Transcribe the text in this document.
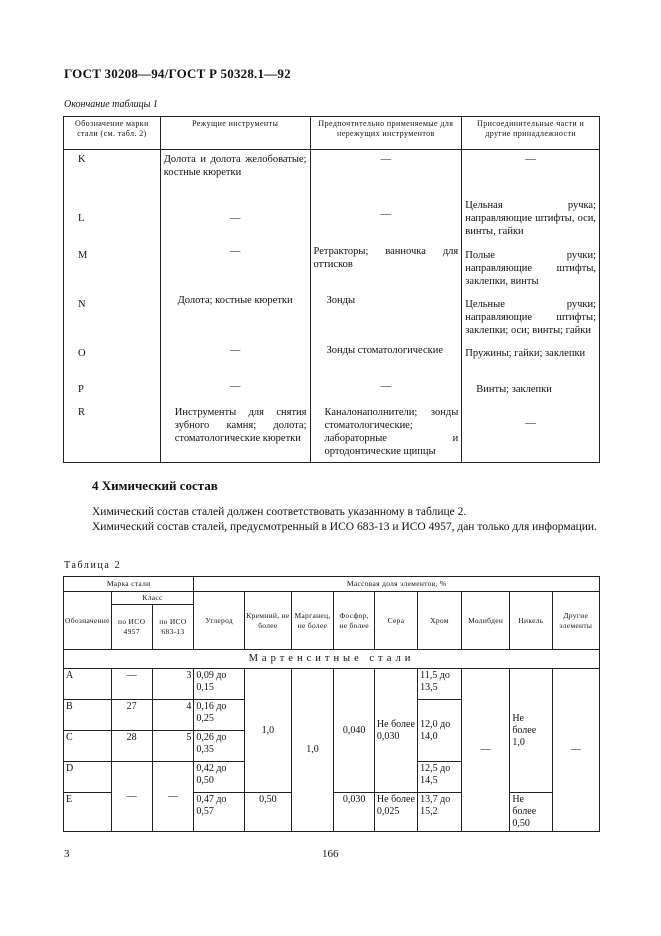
ГОСТ 30208—94/ГОСТ Р 50328.1—92
Окончание таблицы 1
Обозначение марки стали (см. табл. 2)	Режущие инструменты	Предпочтительно применяемые для нережущих инструментов	Присоединительные части и другие принадлежности
K	Долота и долота желобоватые; костные кюретки	—	—
L	—	—	Цельная ручка; направляющие штифты, оси, винты, гайки
M	—	Ретракторы; ванночка для оттисков	Полые ручки; направляющие штифты, заклепки, винты
N	Долота; костные кюретки	Зонды	Цельные ручки; направляющие штифты; заклепки; оси; винты; гайки
O	—	Зонды стоматологические	Пружины; гайки; заклепки
P	—	—	Винты; заклепки
R	Инструменты для снятия зубного камня; долота; стоматологические кюретки	Каналонаполнители; зонды стоматологические; лабораторные и ортодонтические щипцы	—
4 Химический состав
Химический состав сталей должен соответствовать указанному в таблице 2.
Химический состав сталей, предусмотренный в ИСО 683-13 и ИСО 4957, дан только для информации.
Таблица 2
Марка стали			Массовая доля элементов, %								
Обозначение	Класс		Углерод	Кремний, не более	Марганец, не более	Фосфор, не более	Сера	Хром	Молибден	Никель	Другие элементы
	по ИСО 4957	по ИСО 683-13									
Мартенситные стали											
A	—	3	0,09 до 0,15	1,0	1,0	0,040	Не более 0,030	11,5 до 13,5	—	Не более 1,0	—
B	27	4	0,16 до 0,25					12,0 до 14,0			
C	28	5	0,26 до 0,35								
D	—	—	0,42 до 0,50					12,5 до 14,5			
E			0,47 до 0,57	0,50		0,030	Не более 0,025	13,7 до 15,2		Не более 0,50	
3	166
